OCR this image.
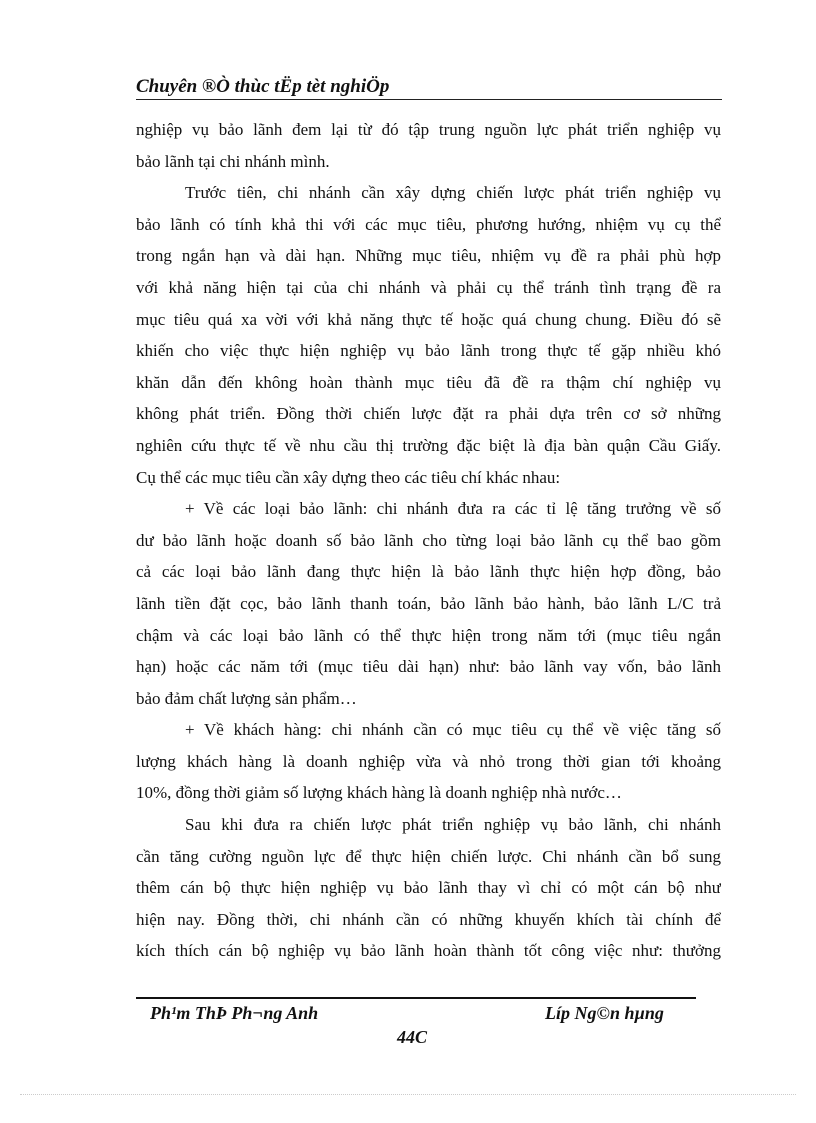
Chuyên ®Ò thùc tËp tèt nghiÖp

nghiệp vụ bảo lãnh đem lại từ đó tập trung nguồn lực phát triển nghiệp vụ
bảo lãnh tại chi nhánh mình.

Trước tiên, chi nhánh cần xây dựng chiến lược phát triển nghiệp vụ
bảo lãnh có tính khả thi với các mục tiêu, phương hướng, nhiệm vụ cụ thể
trong ngắn hạn và dài hạn. Những mục tiêu, nhiệm vụ đề ra phải phù hợp
với khả năng hiện tại của chi nhánh và phải cụ thể tránh tình trạng đề ra
mục tiêu quá xa vời với khả năng thực tế hoặc quá chung chung. Điều đó sẽ
khiến cho việc thực hiện nghiệp vụ bảo lãnh trong thực tế gặp nhiều khó
khăn dẫn đến không hoàn thành mục tiêu đã đề ra thậm chí nghiệp vụ
không phát triển. Đồng thời chiến lược đặt ra phải dựa trên cơ sở những
nghiên cứu thực tế về nhu cầu thị trường đặc biệt là địa bàn quận Cầu Giấy.
Cụ thể các mục tiêu cần xây dựng theo các tiêu chí khác nhau:

+ Về các loại bảo lãnh: chi nhánh đưa ra các tỉ lệ tăng trưởng về số
dư bảo lãnh hoặc doanh số bảo lãnh cho từng loại bảo lãnh cụ thể bao gồm
cả các loại bảo lãnh đang thực hiện là bảo lãnh thực hiện hợp đồng, bảo
lãnh tiền đặt cọc, bảo lãnh thanh toán, bảo lãnh bảo hành, bảo lãnh L/C trả
chậm và các loại bảo lãnh có thể thực hiện trong năm tới (mục tiêu ngắn
hạn) hoặc các năm tới (mục tiêu dài hạn) như: bảo lãnh vay vốn, bảo lãnh
bảo đảm chất lượng sản phẩm…

+ Về khách hàng: chi nhánh cần có mục tiêu cụ thể về việc tăng số
lượng khách hàng là doanh nghiệp vừa và nhỏ trong thời gian tới khoảng
10%, đồng thời giảm số lượng khách hàng là doanh nghiệp nhà nước…

Sau khi đưa ra chiến lược phát triển nghiệp vụ bảo lãnh, chi nhánh
cần tăng cường nguồn lực để thực hiện chiến lược. Chi nhánh cần bổ sung
thêm cán bộ thực hiện nghiệp vụ bảo lãnh thay vì chỉ có một cán bộ như
hiện nay. Đồng thời, chi nhánh cần có những khuyến khích tài chính để
kích thích cán bộ nghiệp vụ bảo lãnh hoàn thành tốt công việc như: thưởng

Ph¹m ThÞ Ph¬ng Anh	Líp Ng©n hµng
44C
